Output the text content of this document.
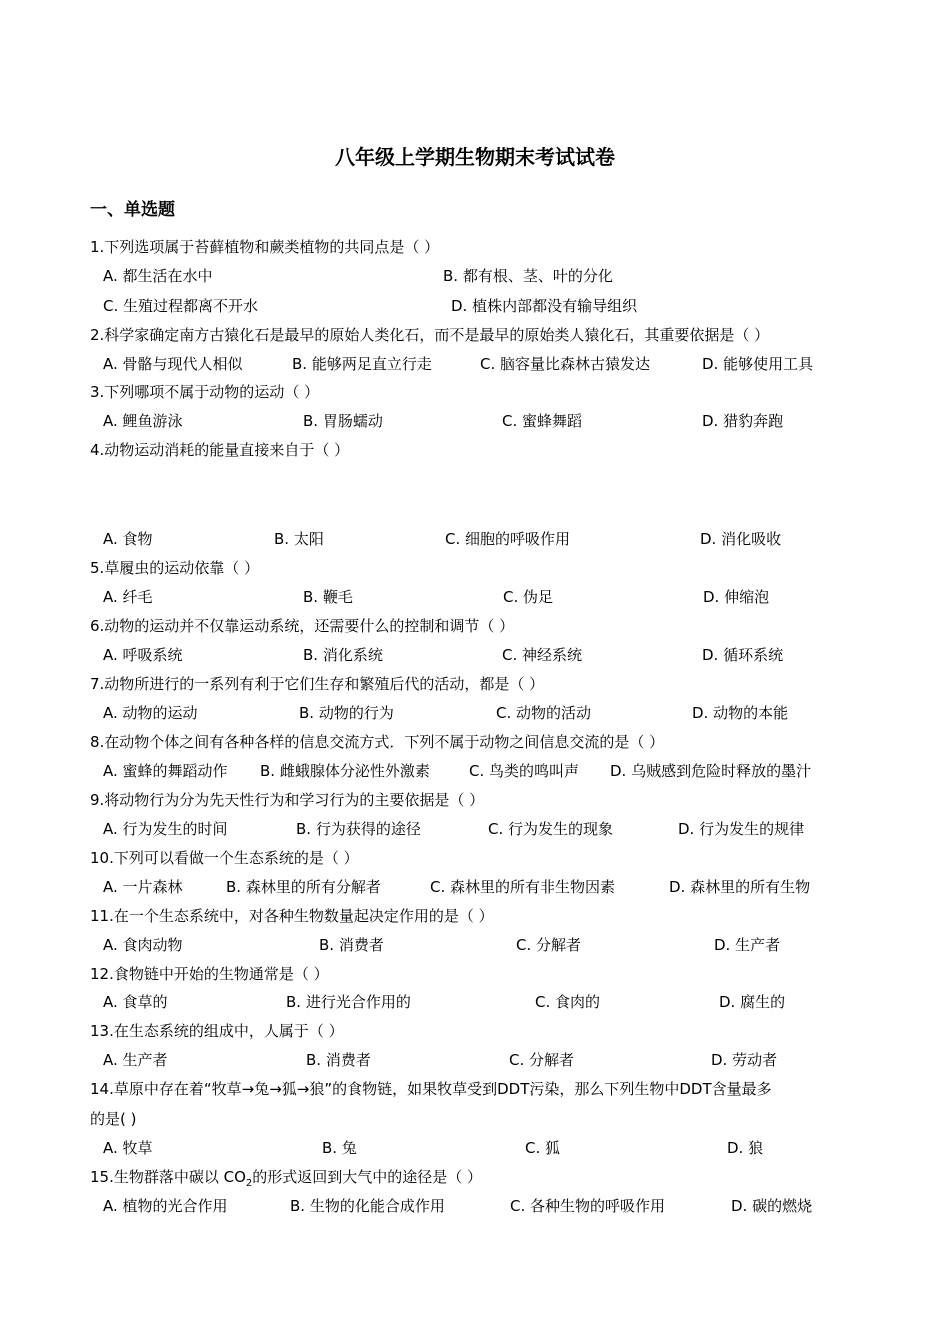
八年级上学期生物期末考试试卷
一、单选题
1.下列选项属于苔藓植物和蕨类植物的共同点是（ ）
A. 都生活在水中	B. 都有根、茎、叶的分化
C. 生殖过程都离不开水	D. 植株内部都没有输导组织
2.科学家确定南方古猿化石是最早的原始人类化石，而不是最早的原始类人猿化石，其重要依据是（ ）
A. 骨骼与现代人相似	B. 能够两足直立行走	C. 脑容量比森林古猿发达	D. 能够使用工具
3.下列哪项不属于动物的运动（ ）
A. 鲤鱼游泳	B. 胃肠蠕动	C. 蜜蜂舞蹈	D. 猎豹奔跑
4.动物运动消耗的能量直接来自于（ ）
A. 食物	B. 太阳	C. 细胞的呼吸作用	D. 消化吸收
5.草履虫的运动依靠（ ）
A. 纤毛	B. 鞭毛	C. 伪足	D. 伸缩泡
6.动物的运动并不仅靠运动系统，还需要什么的控制和调节（ ）
A. 呼吸系统	B. 消化系统	C. 神经系统	D. 循环系统
7.动物所进行的一系列有利于它们生存和繁殖后代的活动，都是（ ）
A. 动物的运动	B. 动物的行为	C. 动物的活动	D. 动物的本能
8.在动物个体之间有各种各样的信息交流方式．下列不属于动物之间信息交流的是（ ）
A. 蜜蜂的舞蹈动作 B. 雌蛾腺体分泌性外激素	C. 鸟类的鸣叫声 D. 乌贼感到危险时释放的墨汁
9.将动物行为分为先天性行为和学习行为的主要依据是（ ）
A. 行为发生的时间	B. 行为获得的途径	C. 行为发生的现象	D. 行为发生的规律
10.下列可以看做一个生态系统的是（ ）
A. 一片森林	B. 森林里的所有分解者	C. 森林里的所有非生物因素	D. 森林里的所有生物
11.在一个生态系统中，对各种生物数量起决定作用的是（ ）
A. 食肉动物	B. 消费者	C. 分解者	D. 生产者
12.食物链中开始的生物通常是（ ）
A. 食草的	B. 进行光合作用的	C. 食肉的	D. 腐生的
13.在生态系统的组成中，人属于（ ）
A. 生产者	B. 消费者	C. 分解者	D. 劳动者
14.草原中存在着“牧草→兔→狐→狼”的食物链，如果牧草受到DDT污染，那么下列生物中DDT含量最多
的是( )
A. 牧草	B. 兔	C. 狐	D. 狼
15.生物群落中碳以 $CO_2$的形式返回到大气中的途径是（ ）
A. 植物的光合作用	B. 生物的化能合成作用	C. 各种生物的呼吸作用	D. 碳的燃烧
